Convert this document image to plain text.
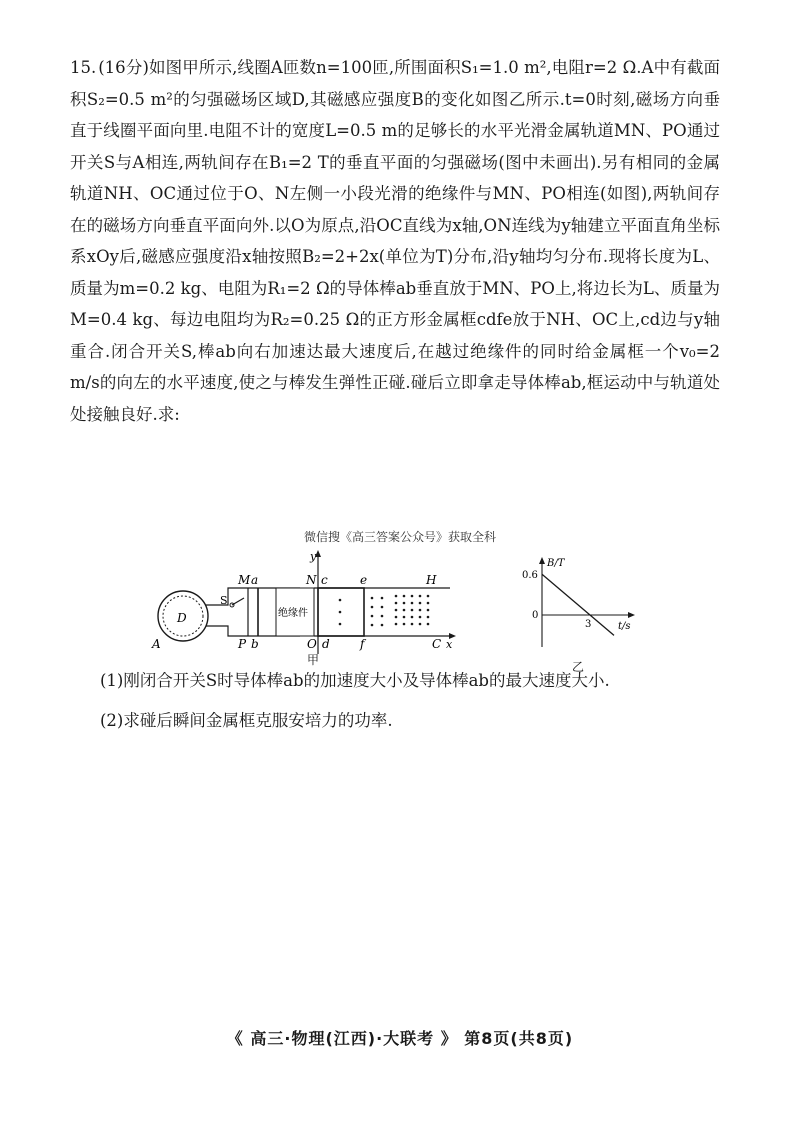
15. (16分)如图甲所示,线圈A匝数n=100匝,所围面积S₁=1.0 m²,电阻r=2 Ω.A中有截面积S₂=0.5 m²的匀强磁场区域D,其磁感应强度B的变化如图乙所示.t=0时刻,磁场方向垂直于线圈平面向里.电阻不计的宽度L=0.5 m的足够长的水平光滑金属轨道MN、PO通过开关S与A相连,两轨间存在B₁=2 T的垂直平面的匀强磁场(图中未画出).另有相同的金属轨道NH、OC通过位于O、N左侧一小段光滑的绝缘件与MN、PO相连(如图),两轨间存在的磁场方向垂直平面向外.以O为原点,沿OC直线为x轴,ON连线为y轴建立平面直角坐标系xOy后,磁感应强度沿x轴按照B₂=2+2x(单位为T)分布,沿y轴均匀分布.现将长度为L、质量为m=0.2 kg、电阻为R₁=2 Ω的导体棒ab垂直放于MN、PO上,将边长为L、质量为M=0.4 kg、每边电阻均为R₂=0.25 Ω的正方形金属框cdfe放于NH、OC上,cd边与y轴重合.闭合开关S,棒ab向右加速达最大速度后,在越过绝缘件的同时给金属框一个v₀=2 m/s的向左的水平速度,使之与棒发生弹性正碰.碰后立即拿走导体棒ab,框运动中与轨道处处接触良好.求:
微信搜《高三答案公众号》获取全科
D
A
S
M
P
a
b
绝缘件
y
N
O
H
C x
c
d
e
f
甲
B/T
t/s
0.6
0
3
乙
(1)刚闭合开关S时导体棒ab的加速度大小及导体棒ab的最大速度大小.
(2)求碰后瞬间金属框克服安培力的功率.
《 高三·物理(江西)·大联考 》 第8页(共8页)
